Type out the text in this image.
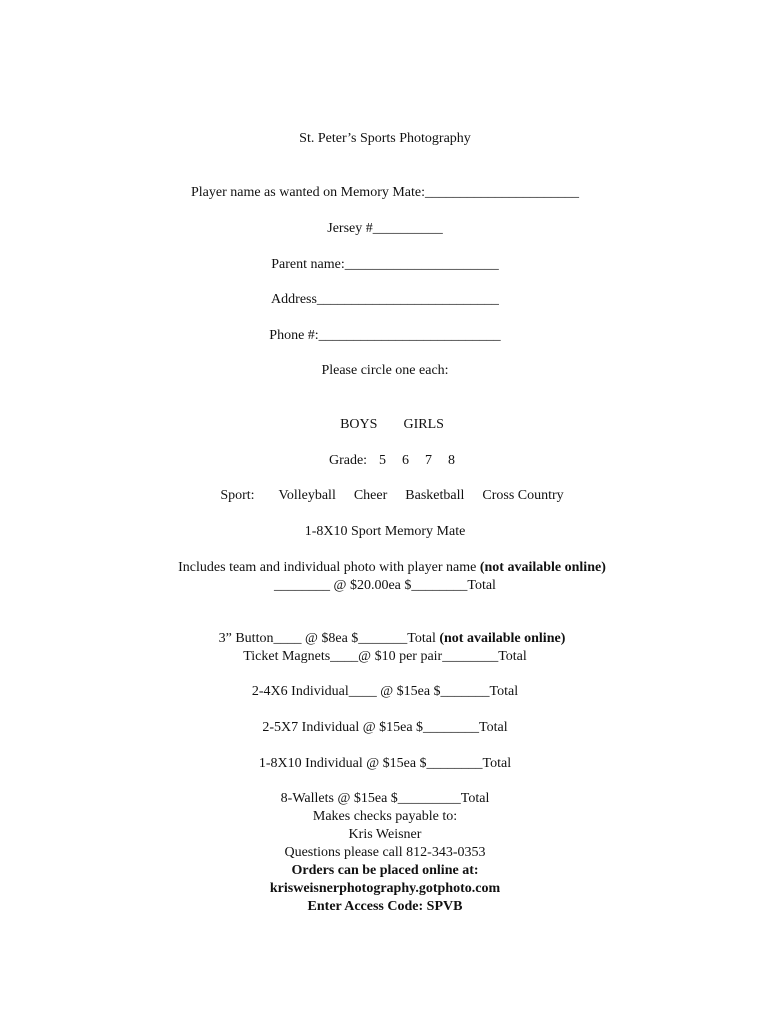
St. Peter’s Sports Photography
Player name as wanted on Memory Mate:______________________
Jersey #__________
Parent name:______________________
Address__________________________
Phone #:__________________________
Please circle one each:

BOYS GIRLS

Grade: 5 6 7 8

Sport: Volleyball Cheer Basketball Cross Country

1-8X10 Sport Memory Mate

Includes team and individual photo with player name (not available online)

________ @ $20.00ea $________Total

3” Button____ @ $8ea $_______Total (not available online)

Ticket Magnets____@ $10 per pair________Total
2-4X6 Individual____ @ $15ea $_______Total
2-5X7 Individual @ $15ea $________Total
1-8X10 Individual @ $15ea $________Total
8-Wallets @ $15ea $_________Total
Makes checks payable to:
Kris Weisner
Questions please call 812-343-0353
Orders can be placed online at:
krisweisnerphotography.gotphoto.com
Enter Access Code: SPVB
